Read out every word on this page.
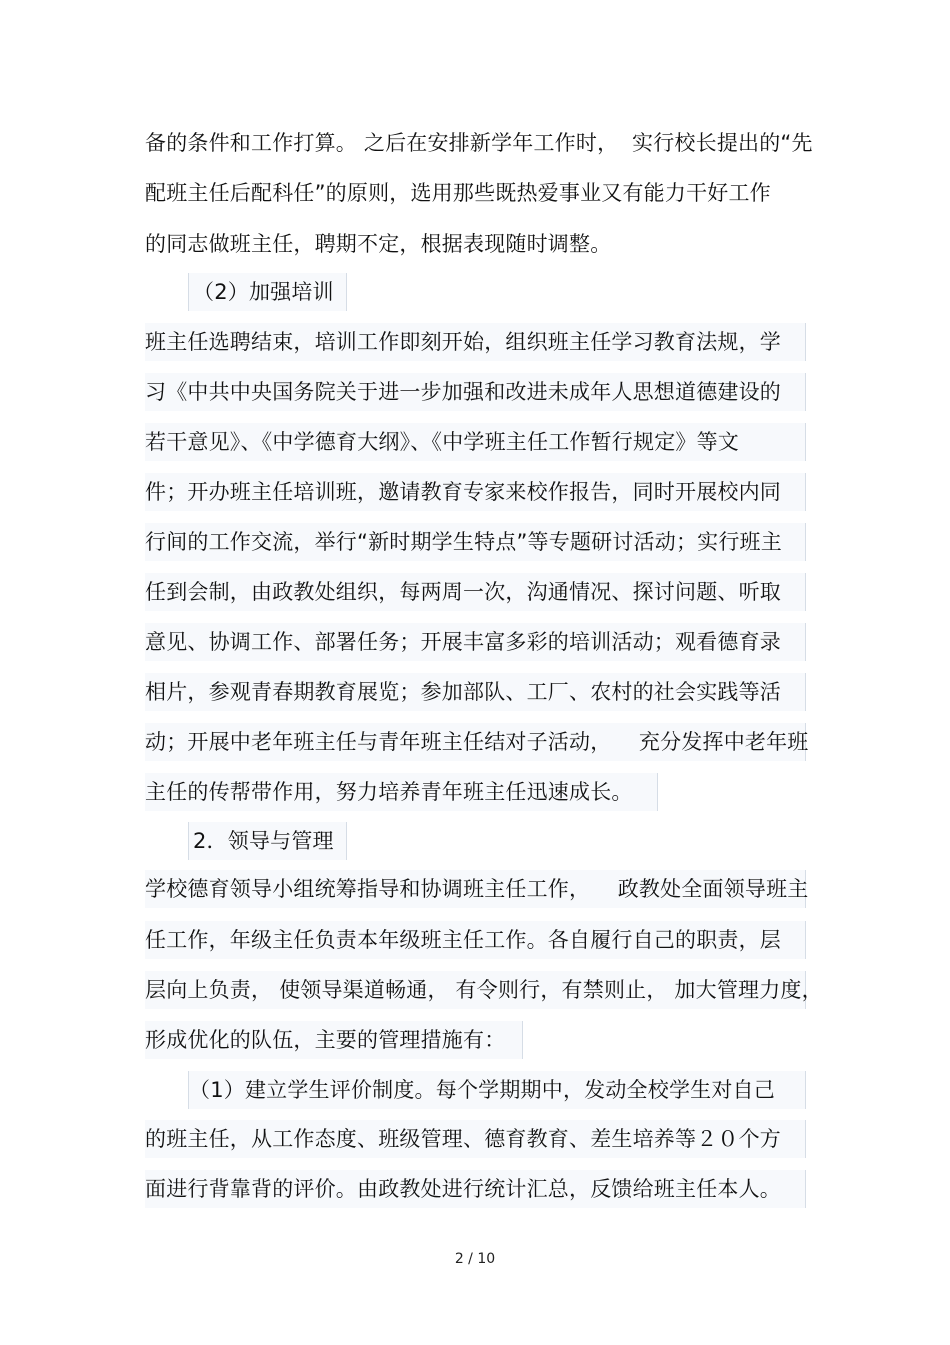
备的条件和工作打算。 之后在安排新学年工作时，  实行校长提出的“先
配班主任后配科任”的原则，选用那些既热爱事业又有能力干好工作
的同志做班主任，聘期不定，根据表现随时调整。
（2）加强培训
班主任选聘结束，培训工作即刻开始，组织班主任学习教育法规，学
习《中共中央国务院关于进一步加强和改进未成年人思想道德建设的
若干意见》、《中学德育大纲》、《中学班主任工作暂行规定》等文
件；开办班主任培训班，邀请教育专家来校作报告，同时开展校内同
行间的工作交流，举行“新时期学生特点”等专题研讨活动；实行班主
任到会制，由政教处组织，每两周一次，沟通情况、探讨问题、听取
意见、协调工作、部署任务；开展丰富多彩的培训活动；观看德育录
相片，参观青春期教育展览；参加部队、工厂、农村的社会实践等活
动；开展中老年班主任与青年班主任结对子活动，    充分发挥中老年班
主任的传帮带作用，努力培养青年班主任迅速成长。
2．领导与管理
学校德育领导小组统筹指导和协调班主任工作，    政教处全面领导班主
任工作，年级主任负责本年级班主任工作。各自履行自己的职责，层
层向上负责， 使领导渠道畅通， 有令则行，有禁则止， 加大管理力度，
形成优化的队伍，主要的管理措施有：
（1）建立学生评价制度。每个学期期中，发动全校学生对自己
的班主任，从工作态度、班级管理、德育教育、差生培养等２０个方
面进行背靠背的评价。由政教处进行统计汇总，反馈给班主任本人。
2 / 10
